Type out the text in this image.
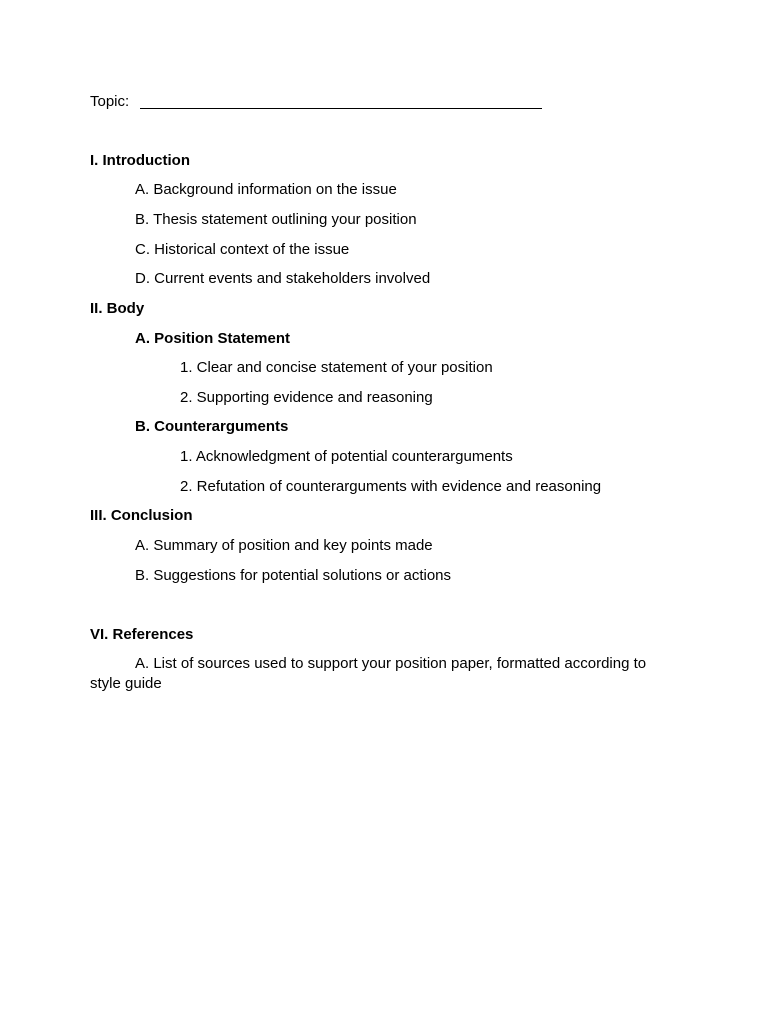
Topic:
I. Introduction
A. Background information on the issue
B. Thesis statement outlining your position
C. Historical context of the issue
D. Current events and stakeholders involved
II. Body
A. Position Statement
1. Clear and concise statement of your position
2. Supporting evidence and reasoning
B. Counterarguments
1. Acknowledgment of potential counterarguments
2. Refutation of counterarguments with evidence and reasoning
III. Conclusion
A. Summary of position and key points made
B. Suggestions for potential solutions or actions
VI. References
A. List of sources used to support your position paper, formatted according to style guide
